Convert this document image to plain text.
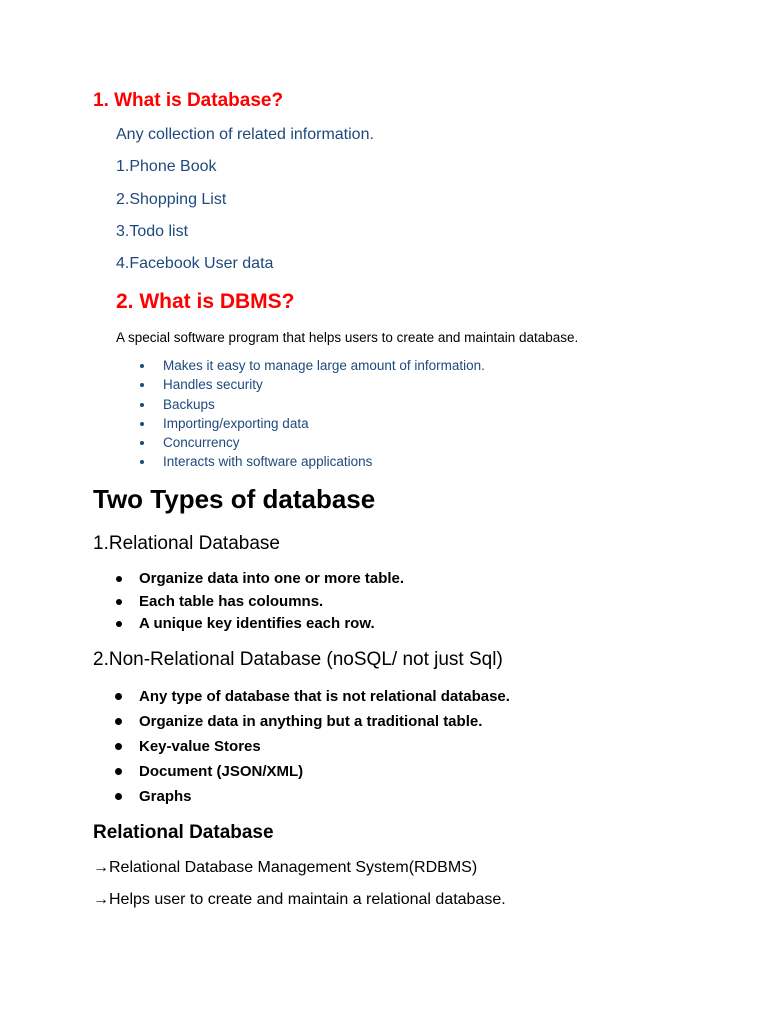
1. What is Database?
Any collection of related information.
1.Phone Book
2.Shopping List
3.Todo list
4.Facebook User data
2. What is DBMS?
A special software program that helps users to create and maintain database.
Makes it easy to manage large amount of information.
Handles security
Backups
Importing/exporting data
Concurrency
Interacts with software applications
Two Types of database
1.Relational Database
Organize data into one or more table.
Each table has coloumns.
A unique key identifies each row.
2.Non-Relational Database (noSQL/ not just Sql)
Any type of database that is not relational database.
Organize data in anything but a traditional table.
Key-value Stores
Document (JSON/XML)
Graphs
Relational Database
→Relational Database Management System(RDBMS)
→Helps user to create and maintain a relational database.
